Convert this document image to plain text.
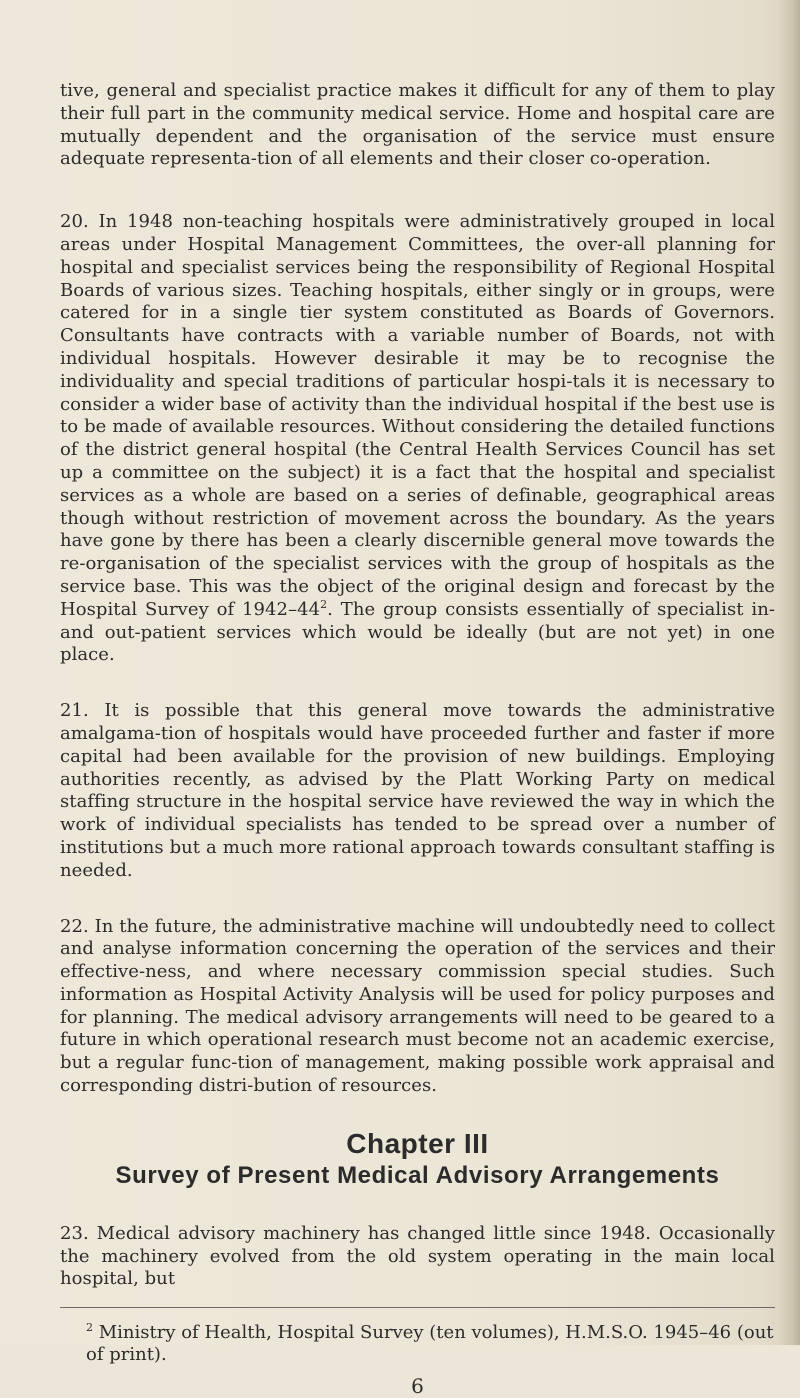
tive, general and specialist practice makes it difficult for any of them to play their full part in the community medical service. Home and hospital care are mutually dependent and the organisation of the service must ensure adequate representa-tion of all elements and their closer co-operation.

20. In 1948 non-teaching hospitals were administratively grouped in local areas under Hospital Management Committees, the over-all planning for hospital and specialist services being the responsibility of Regional Hospital Boards of various sizes. Teaching hospitals, either singly or in groups, were catered for in a single tier system constituted as Boards of Governors. Consultants have contracts with a variable number of Boards, not with individual hospitals. However desirable it may be to recognise the individuality and special traditions of particular hospi-tals it is necessary to consider a wider base of activity than the individual hospital if the best use is to be made of available resources. Without considering the detailed functions of the district general hospital (the Central Health Services Council has set up a committee on the subject) it is a fact that the hospital and specialist services as a whole are based on a series of definable, geographical areas though without restriction of movement across the boundary. As the years have gone by there has been a clearly discernible general move towards the re-organisation of the specialist services with the group of hospitals as the service base. This was the object of the original design and forecast by the Hospital Survey of $1942-44^2$. The group consists essentially of specialist in- and out-patient services which would be ideally (but are not yet) in one place.

21. It is possible that this general move towards the administrative amalgama-tion of hospitals would have proceeded further and faster if more capital had been available for the provision of new buildings. Employing authorities recently, as advised by the Platt Working Party on medical staffing structure in the hospital service have reviewed the way in which the work of individual specialists has tended to be spread over a number of institutions but a much more rational approach towards consultant staffing is needed.

22. In the future, the administrative machine will undoubtedly need to collect and analyse information concerning the operation of the services and their effective-ness, and where necessary commission special studies. Such information as Hospital Activity Analysis will be used for policy purposes and for planning. The medical advisory arrangements will need to be geared to a future in which operational research must become not an academic exercise, but a regular func-tion of management, making possible work appraisal and corresponding distri-bution of resources.

Chapter III
Survey of Present Medical Advisory Arrangements

23. Medical advisory machinery has changed little since 1948. Occasionally the machinery evolved from the old system operating in the main local hospital, but

$^2$ Ministry of Health, Hospital Survey (ten volumes), H.M.S.O. 1945–46 (out of print).

6
